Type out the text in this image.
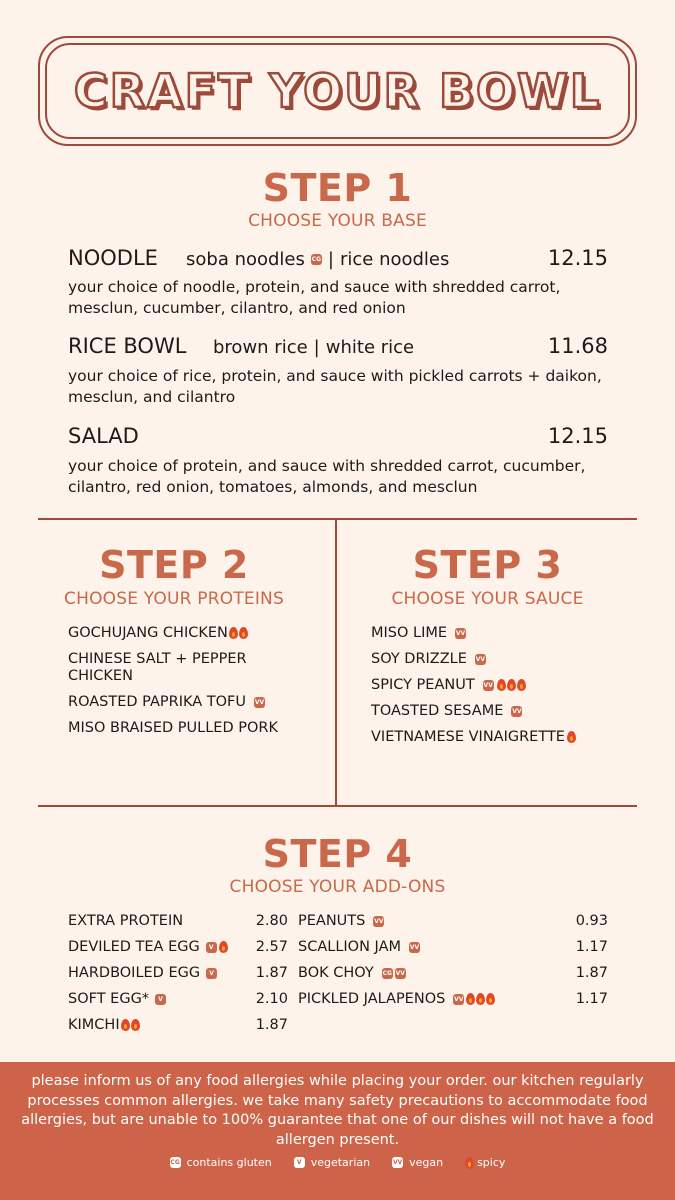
CRAFT YOUR BOWL
STEP 1
CHOOSE YOUR BASE
NOODLE soba noodles CG | rice noodles	12.15
your choice of noodle, protein, and sauce with shredded carrot, mesclun, cucumber, cilantro, and red onion
RICE BOWL brown rice | white rice	11.68
your choice of rice, protein, and sauce with pickled carrots + daikon, mesclun, and cilantro
SALAD	12.15
your choice of protein, and sauce with shredded carrot, cucumber, cilantro, red onion, tomatoes, almonds, and mesclun
STEP 2
CHOOSE YOUR PROTEINS
GOCHUJANG CHICKEN
CHINESE SALT + PEPPER CHICKEN
ROASTED PAPRIKA TOFU VV
MISO BRAISED PULLED PORK
STEP 3
CHOOSE YOUR SAUCE
MISO LIME VV
SOY DRIZZLE VV
SPICY PEANUT VV
TOASTED SESAME VV
VIETNAMESE VINAIGRETTE
STEP 4
CHOOSE YOUR ADD-ONS
EXTRA PROTEIN	2.80
DEVILED TEA EGG	V	2.57
HARDBOILED EGG	V	1.87
SOFT EGG*	V	2.10
KIMCHI	1.87
PEANUTS VV	0.93
SCALLION JAM VV	1.17
BOK CHOY CG VV	1.87
PICKLED JALAPENOS VV	1.17
please inform us of any food allergies while placing your order. our kitchen regularly processes common allergies. we take many safety precautions to accommodate food allergies, but are unable to 100% guarantee that one of our dishes will not have a food allergen present.
CG contains gluten	V vegetarian	VV vegan	spicy
